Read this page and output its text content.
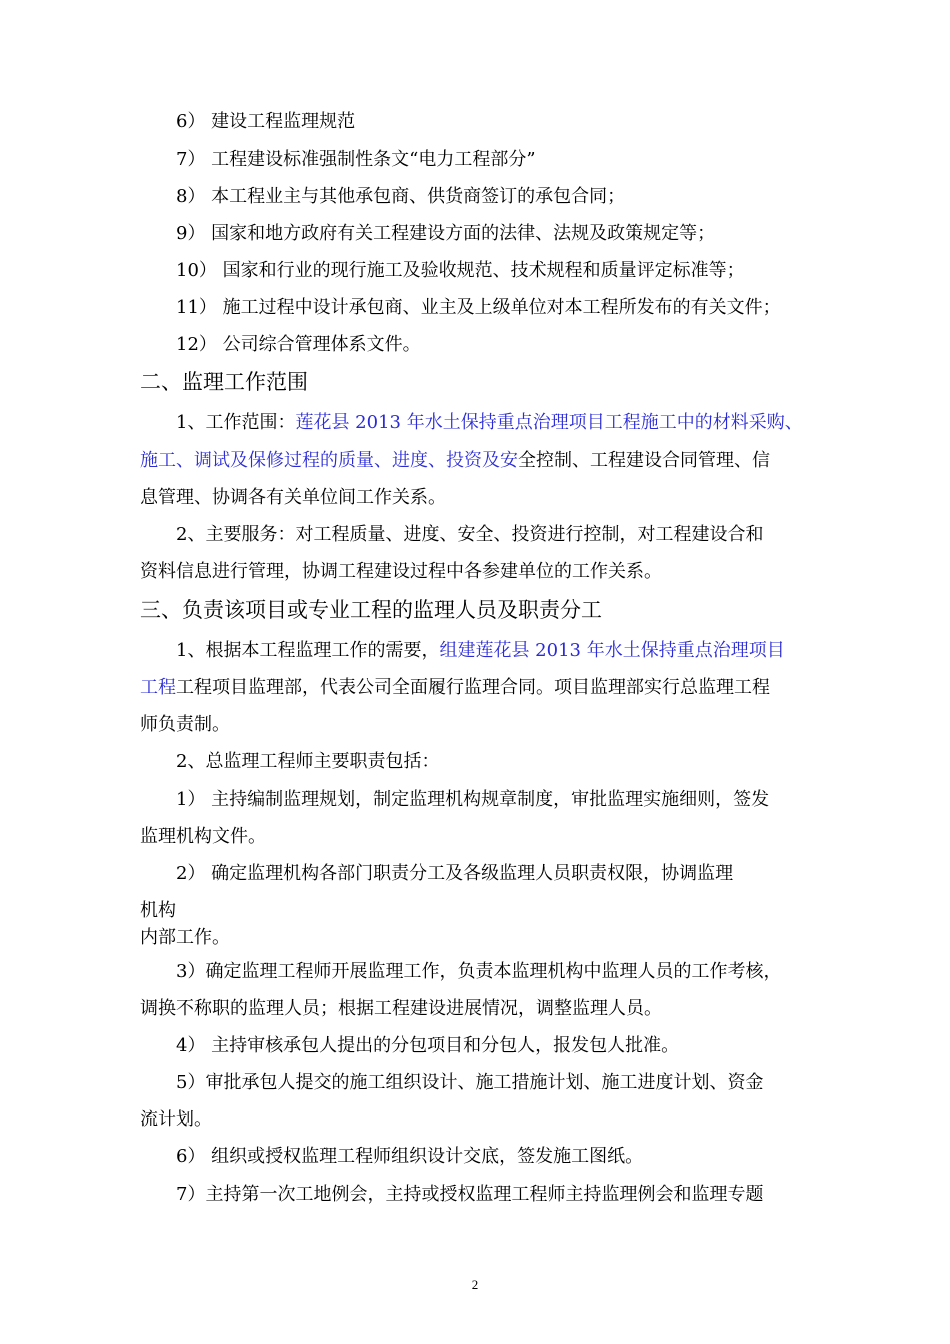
6） 建设工程监理规范
7） 工程建设标准强制性条文“电力工程部分”
8） 本工程业主与其他承包商、供货商签订的承包合同；
9） 国家和地方政府有关工程建设方面的法律、法规及政策规定等；
10） 国家和行业的现行施工及验收规范、技术规程和质量评定标准等；
11） 施工过程中设计承包商、业主及上级单位对本工程所发布的有关文件；
12） 公司综合管理体系文件。
二、监理工作范围
1、工作范围：莲花县 2013 年水土保持重点治理项目工程施工中的材料采购、
施工、调试及保修过程的质量、进度、投资及安全控制、工程建设合同管理、信
息管理、协调各有关单位间工作关系。
2、主要服务：对工程质量、进度、安全、投资进行控制，对工程建设合和
资料信息进行管理，协调工程建设过程中各参建单位的工作关系。
三、负责该项目或专业工程的监理人员及职责分工
1、根据本工程监理工作的需要，组建莲花县 2013 年水土保持重点治理项目
工程工程项目监理部，代表公司全面履行监理合同。项目监理部实行总监理工程
师负责制。
2、总监理工程师主要职责包括：
1） 主持编制监理规划，制定监理机构规章制度，审批监理实施细则，签发
监理机构文件。
2） 确定监理机构各部门职责分工及各级监理人员职责权限，协调监理
机构
内部工作。
3）确定监理工程师开展监理工作，负责本监理机构中监理人员的工作考核，
调换不称职的监理人员；根据工程建设进展情况，调整监理人员。
4） 主持审核承包人提出的分包项目和分包人，报发包人批准。
5）审批承包人提交的施工组织设计、施工措施计划、施工进度计划、资金
流计划。
6） 组织或授权监理工程师组织设计交底，签发施工图纸。
7）主持第一次工地例会，主持或授权监理工程师主持监理例会和监理专题
2
